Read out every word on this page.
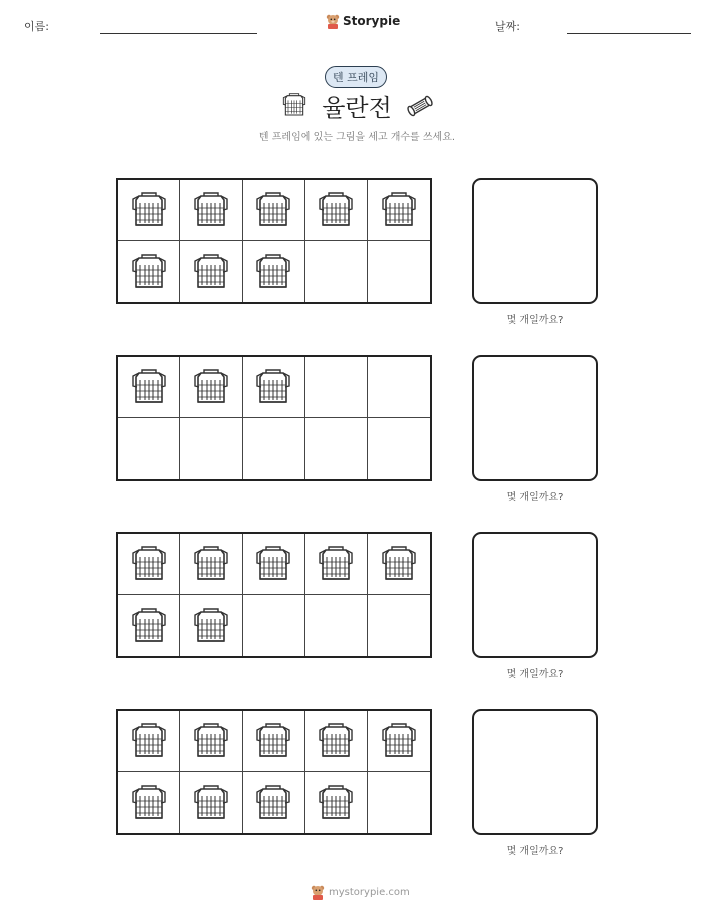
이름:	Storypie	날짜:
텐 프레임
율란전
텐 프레임에 있는 그림을 세고 개수를 쓰세요.
몇 개일까요?
몇 개일까요?
몇 개일까요?
몇 개일까요?
mystorypie.com
